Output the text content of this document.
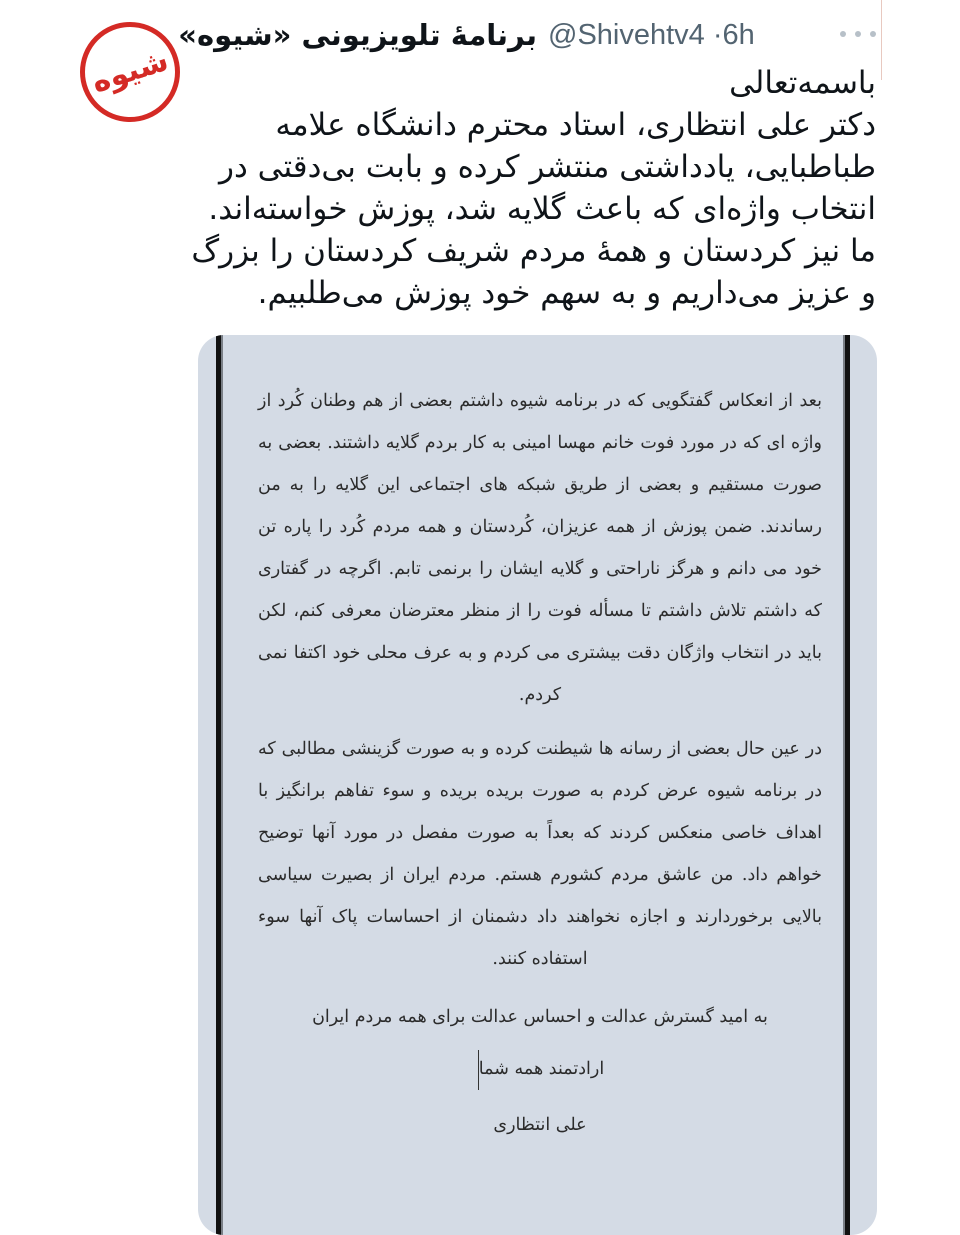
شیوه
برنامهٔ تلویزیونی «شیوه» @Shivehtv4 ·6h

باسمه‌تعالی

دکتر علی انتظاری، استاد محترم دانشگاه علامه طباطبایی، یادداشتی منتشر کرده و بابت بی‌دقتی در انتخاب واژه‌ای که باعث گلایه شد، پوزش خواسته‌اند.

ما نیز کردستان و همهٔ مردم شریف کردستان را بزرگ و عزیز می‌داریم و به سهم خود پوزش می‌طلبیم.

بعد از انعکاس گفتگویی که در برنامه شیوه داشتم بعضی از هم وطنان کُرد از واژه ای که در مورد فوت خانم مهسا امینی به کار بردم گلایه داشتند. بعضی به صورت مستقیم و بعضی از طریق شبکه های اجتماعی این گلایه را به من رساندند. ضمن پوزش از همه عزیزان، کُردستان و همه مردم کُرد را پاره تن خود می دانم و هرگز ناراحتی و گلایه ایشان را برنمی تابم. اگرچه در گفتاری که داشتم تلاش داشتم تا مسأله فوت را از منظر معترضان معرفی کنم، لکن باید در انتخاب واژگان دقت بیشتری می کردم و به عرف محلی خود اکتفا نمی کردم.

در عین حال بعضی از رسانه ها شیطنت کرده و به صورت گزینشی مطالبی که در برنامه شیوه عرض کردم به صورت بریده بریده و سوء تفاهم برانگیز با اهداف خاصی منعکس کردند که بعداً به صورت مفصل در مورد آنها توضیح خواهم داد. من عاشق مردم کشورم هستم. مردم ایران از بصیرت سیاسی بالایی برخوردارند و اجازه نخواهند داد دشمنان از احساسات پاک آنها سوء استفاده کنند.

به امید گسترش عدالت و احساس عدالت برای همه مردم ایران
ارادتمند همه شما
علی انتظاری
